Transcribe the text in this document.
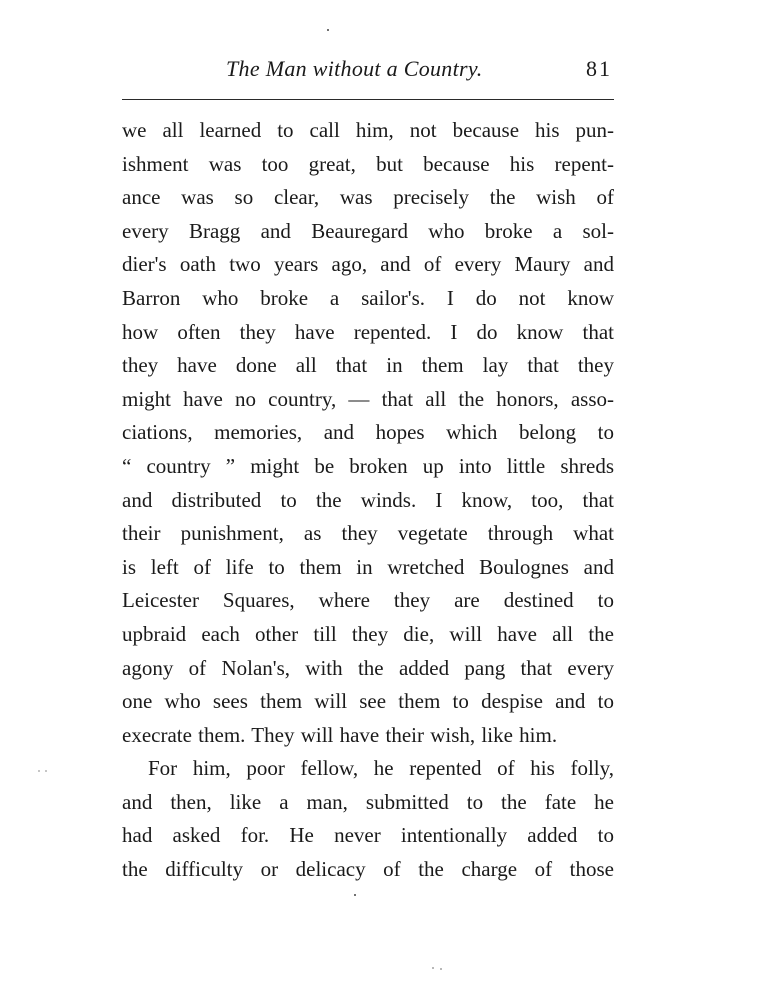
The Man without a Country.	81
we all learned to call him, not because his pun-
ishment was too great, but because his repent-
ance was so clear, was precisely the wish of
every Bragg and Beauregard who broke a sol-
dier's oath two years ago, and of every Maury and
Barron who broke a sailor's. I do not know
how often they have repented. I do know that
they have done all that in them lay that they
might have no country, — that all the honors, asso-
ciations, memories, and hopes which belong to
“ country ” might be broken up into little shreds
and distributed to the winds. I know, too, that
their punishment, as they vegetate through what
is left of life to them in wretched Boulognes and
Leicester Squares, where they are destined to
upbraid each other till they die, will have all the
agony of Nolan's, with the added pang that every
one who sees them will see them to despise and to
execrate them. They will have their wish, like him.
For him, poor fellow, he repented of his folly,
and then, like a man, submitted to the fate he
had asked for. He never intentionally added to
the difficulty or delicacy of the charge of those
